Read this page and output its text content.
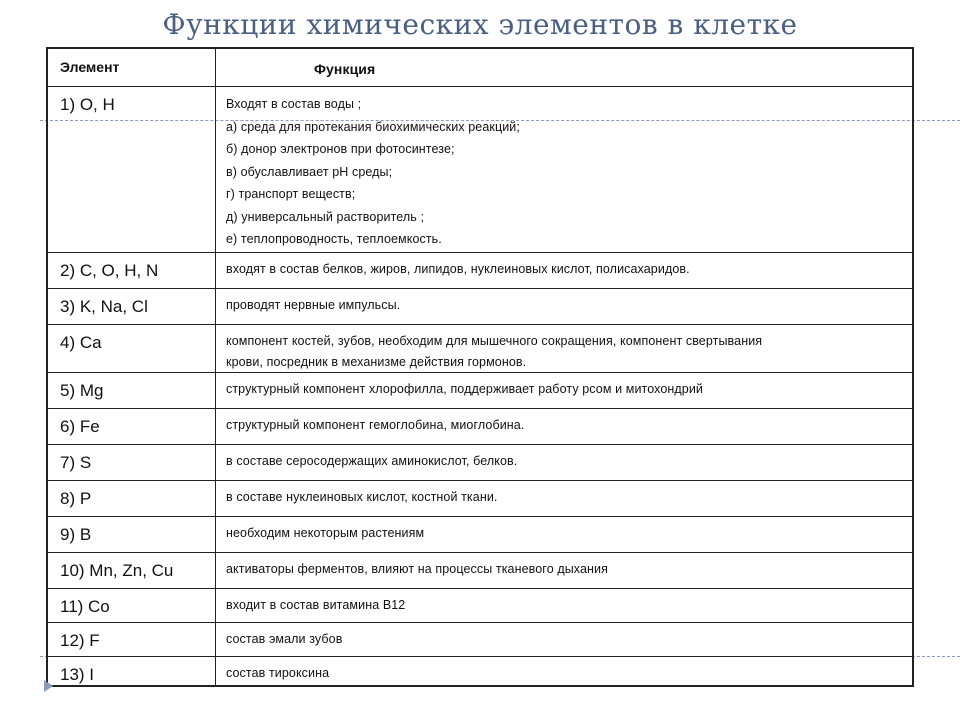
Функции химических элементов в клетке
Элемент	Функция
1) O, H	Входят в состав воды ;
а) среда для протекания биохимических реакций;
б) донор электронов при фотосинтезе;
в) обуславливает pH среды;
г) транспорт веществ;
д) универсальный растворитель ;
е) теплопроводность, теплоемкость.
2) C, O, H, N	входят в состав белков, жиров, липидов, нуклеиновых кислот, полисахаридов.
3) K, Na, Cl	проводят нервные импульсы.
4) Ca	компонент костей, зубов, необходим для мышечного сокращения, компонент свертывания
крови, посредник в механизме действия гормонов.
5) Mg	структурный компонент хлорофилла, поддерживает работу рсом и митохондрий
6) Fe	структурный компонент гемоглобина, миоглобина.
7) S	в составе серосодержащих аминокислот, белков.
8) P	в составе нуклеиновых кислот, костной ткани.
9) B	необходим некоторым растениям
10) Mn, Zn, Cu	активаторы ферментов, влияют на процессы тканевого дыхания
11) Co	входит в состав витамина В12
12) F	состав эмали зубов
13) I	состав тироксина
